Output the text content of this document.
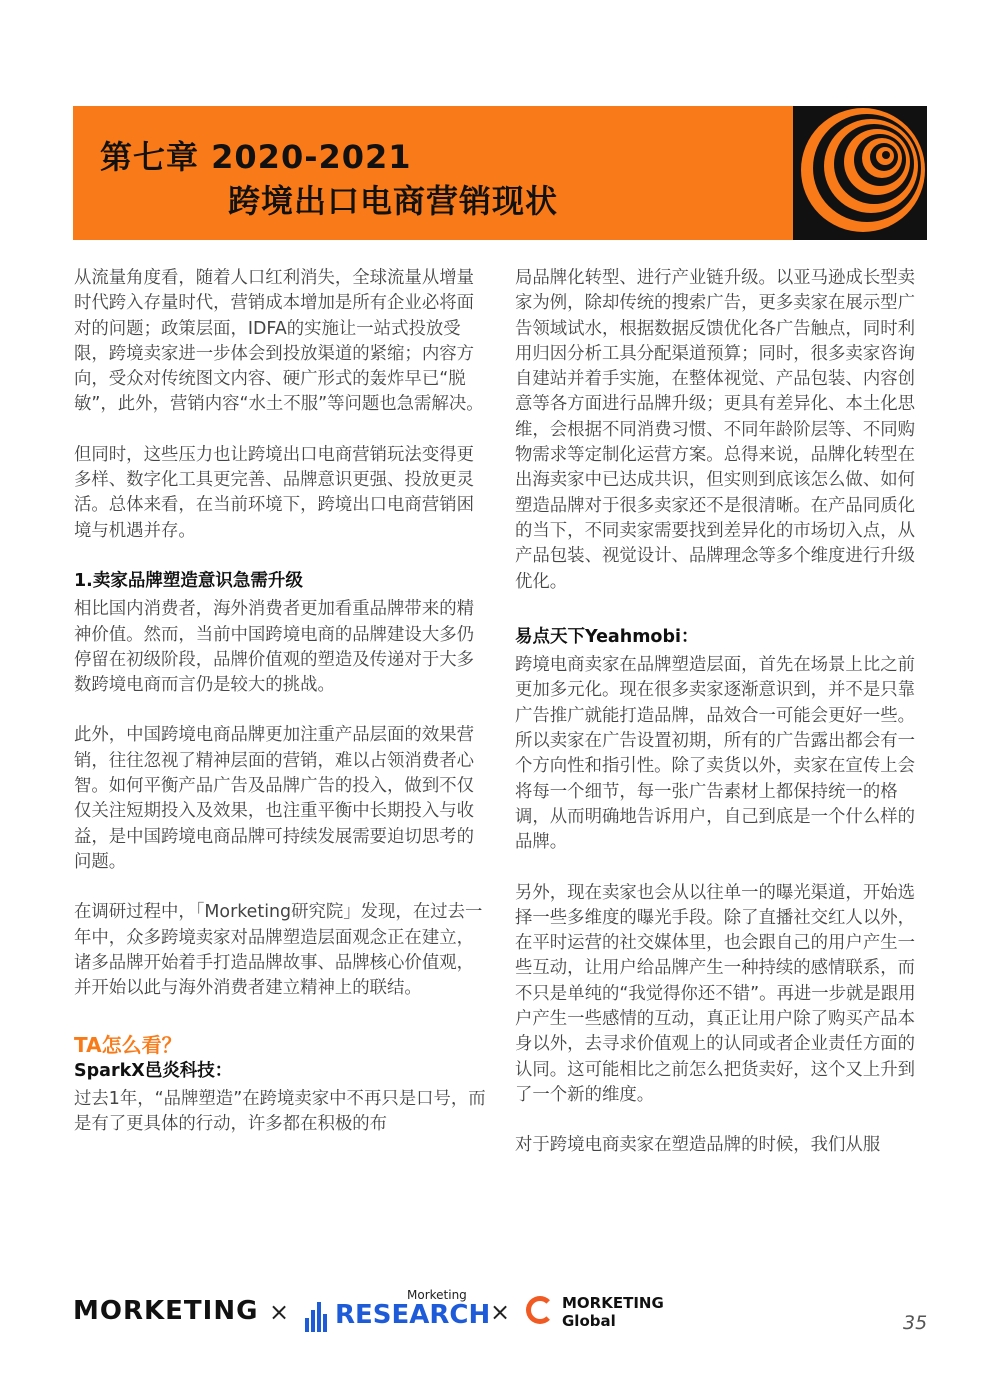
第七章 2020-2021
跨境出口电商营销现状

从流量角度看，随着人口红利消失，全球流量从增量时代跨入存量时代，营销成本增加是所有企业必将面对的问题；政策层面，IDFA的实施让一站式投放受限，跨境卖家进一步体会到投放渠道的紧缩；内容方向，受众对传统图文内容、硬广形式的轰炸早已“脱敏”，此外，营销内容“水土不服”等问题也急需解决。

但同时，这些压力也让跨境出口电商营销玩法变得更多样、数字化工具更完善、品牌意识更强、投放更灵活。总体来看，在当前环境下，跨境出口电商营销困境与机遇并存。

1.卖家品牌塑造意识急需升级

相比国内消费者，海外消费者更加看重品牌带来的精神价值。然而，当前中国跨境电商的品牌建设大多仍停留在初级阶段，品牌价值观的塑造及传递对于大多数跨境电商而言仍是较大的挑战。

此外，中国跨境电商品牌更加注重产品层面的效果营销，往往忽视了精神层面的营销，难以占领消费者心智。如何平衡产品广告及品牌广告的投入，做到不仅仅关注短期投入及效果，也注重平衡中长期投入与收益，是中国跨境电商品牌可持续发展需要迫切思考的问题。

在调研过程中，「Morketing研究院」发现，在过去一年中，众多跨境卖家对品牌塑造层面观念正在建立，诸多品牌开始着手打造品牌故事、品牌核心价值观，并开始以此与海外消费者建立精神上的联结。

TA怎么看？

SparkX邑炎科技：

过去1年，“品牌塑造”在跨境卖家中不再只是口号，而是有了更具体的行动，许多都在积极的布

局品牌化转型、进行产业链升级。以亚马逊成长型卖家为例，除却传统的搜索广告，更多卖家在展示型广告领域试水，根据数据反馈优化各广告触点，同时利用归因分析工具分配渠道预算；同时，很多卖家咨询自建站并着手实施，在整体视觉、产品包装、内容创意等各方面进行品牌升级；更具有差异化、本土化思维，会根据不同消费习惯、不同年龄阶层等、不同购物需求等定制化运营方案。总得来说，品牌化转型在出海卖家中已达成共识，但实则到底该怎么做、如何塑造品牌对于很多卖家还不是很清晰。在产品同质化的当下，不同卖家需要找到差异化的市场切入点，从产品包装、视觉设计、品牌理念等多个维度进行升级优化。

易点天下Yeahmobi：

跨境电商卖家在品牌塑造层面，首先在场景上比之前更加多元化。现在很多卖家逐渐意识到，并不是只靠广告推广就能打造品牌，品效合一可能会更好一些。所以卖家在广告设置初期，所有的广告露出都会有一个方向性和指引性。除了卖货以外，卖家在宣传上会将每一个细节，每一张广告素材上都保持统一的格调，从而明确地告诉用户，自己到底是一个什么样的品牌。

另外，现在卖家也会从以往单一的曝光渠道，开始选择一些多维度的曝光手段。除了直播社交红人以外，在平时运营的社交媒体里，也会跟自己的用户产生一些互动，让用户给品牌产生一种持续的感情联系，而不只是单纯的“我觉得你还不错”。再进一步就是跟用户产生一些感情的互动，真正让用户除了购买产品本身以外，去寻求价值观上的认同或者企业责任方面的认同。这可能相比之前怎么把货卖好，这个又上升到了一个新的维度。

对于跨境电商卖家在塑造品牌的时候，我们从服

MORKETING ×
Morketing
RESEARCH ×	MORKETING
Global	35
